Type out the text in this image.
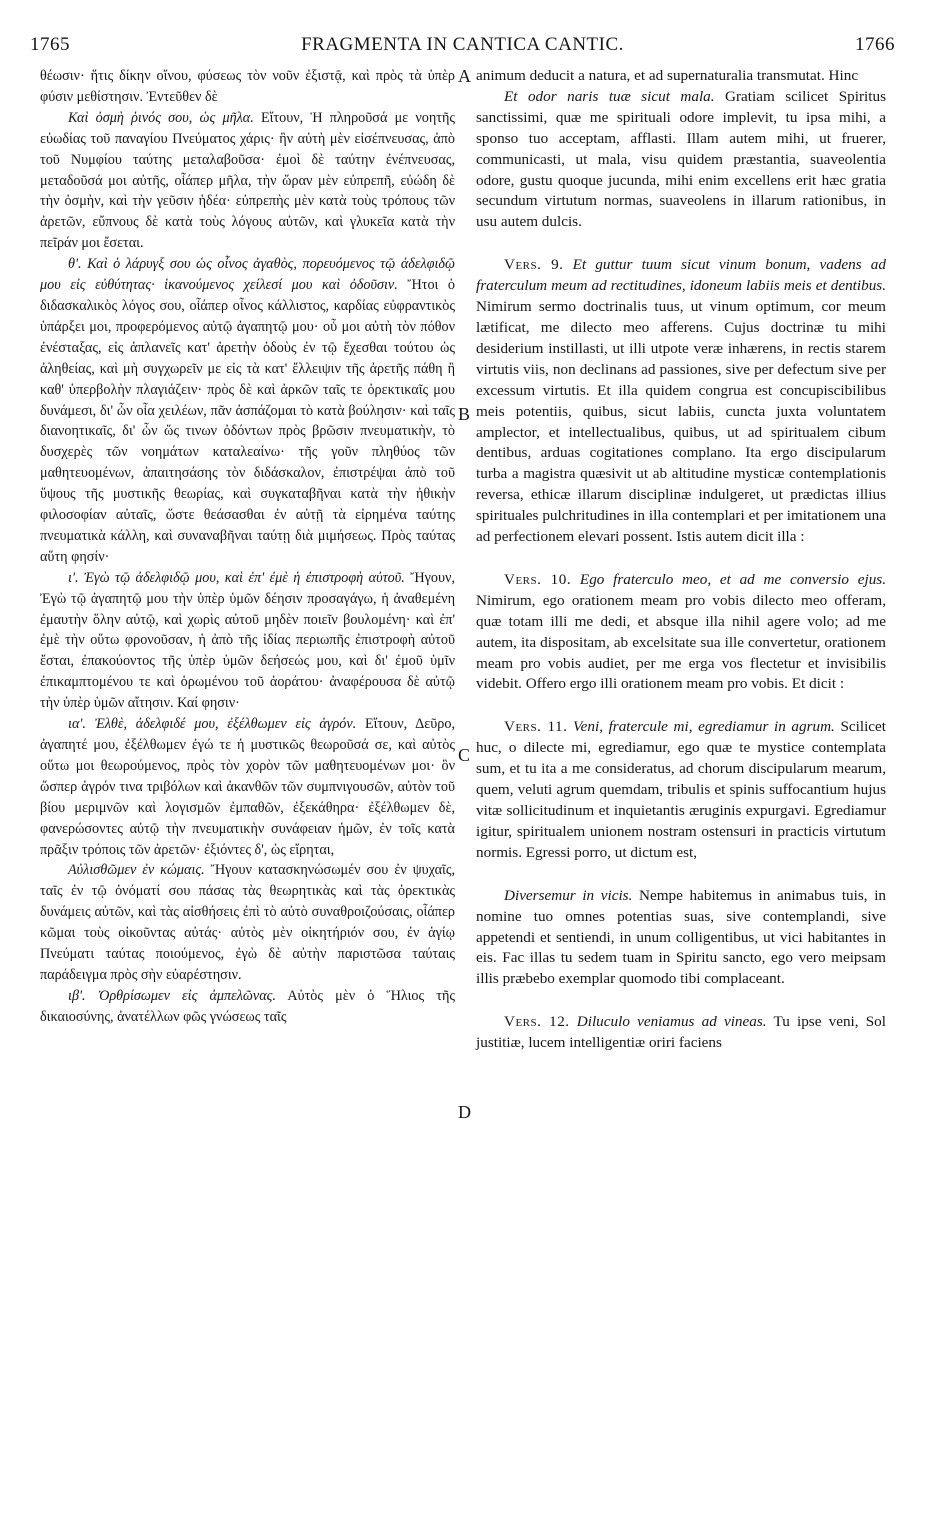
1765	FRAGMENTA IN CANTICA CANTIC.	1766
A
B
C
D

θέωσιν· ἥτις δίκην οἴνου, φύσεως τὸν νοῦν ἐξιστᾷ, καὶ πρὸς τὰ ὑπὲρ φύσιν μεθίστησιν. Ἐντεῦθεν δὲ

Καὶ ὀσμὴ ῥινός σου, ὡς μῆλα. Εἴτουν, Ἡ πληροῦσά με νοητῆς εὐωδίας τοῦ παναγίου Πνεύματος χάρις· ἣν αὐτὴ μὲν εἰσέπνευσας, ἀπὸ τοῦ Νυμφίου ταύτης μεταλαβοῦσα· ἐμοὶ δὲ ταύτην ἐνέπνευσας, μεταδοῦσά μοι αὐτῆς, οἷάπερ μῆλα, τὴν ὥραν μὲν εὐπρεπῆ, εὐώδη δὲ τὴν ὀσμὴν, καὶ τὴν γεῦσιν ἡδέα· εὐπρεπὴς μὲν κατὰ τοὺς τρόπους τῶν ἀρετῶν, εὔπνους δὲ κατὰ τοὺς λόγους αὐτῶν, καὶ γλυκεῖα κατὰ τὴν πεῖράν μοι ἔσεται.

θ'. Καὶ ὁ λάρυγξ σου ὡς οἶνος ἀγαθὸς, πορευόμενος τῷ ἀδελφιδῷ μου εἰς εὐθύτητας· ἱκανούμενος χείλεσί μου καὶ ὀδοῦσιν. Ἤτοι ὁ διδασκαλικὸς λόγος σου, οἷάπερ οἶνος κάλλιστος, καρδίας εὐφραντικὸς ὑπάρξει μοι, προφερόμενος αὐτῷ ἀγαπητῷ μου· οὗ μοι αὐτὴ τὸν πόθον ἐνέσταξας, εἰς ἀπλανεῖς κατ' ἀρετὴν ὁδοὺς ἐν τῷ ἔχεσθαι τούτου ὡς ἀληθείας, καὶ μὴ συγχωρεῖν με εἰς τὰ κατ' ἔλλειψιν τῆς ἀρετῆς πάθη ἢ καθ' ὑπερβολὴν πλαγιάζειν· πρὸς δὲ καὶ ἀρκῶν ταῖς τε ὀρεκτικαῖς μου δυνάμεσι, δι' ὧν οἷα χειλέων, πᾶν ἀσπάζομαι τὸ κατὰ βούλησιν· καὶ ταῖς διανοητικαῖς, δι' ὧν ὥς τινων ὀδόντων πρὸς βρῶσιν πνευματικὴν, τὸ δυσχερὲς τῶν νοημάτων καταλεαίνω· τῆς γοῦν πληθύος τῶν μαθητευομένων, ἀπαιτησάσης τὸν διδάσκαλον, ἐπιστρέψαι ἀπὸ τοῦ ὕψους τῆς μυστικῆς θεωρίας, καὶ συγκαταβῆναι κατὰ τὴν ἠθικὴν φιλοσοφίαν αὐταῖς, ὥστε θεάσασθαι ἐν αὐτῇ τὰ εἰρημένα ταύτης πνευματικὰ κάλλη, καὶ συναναβῆναι ταύτῃ διὰ μιμήσεως. Πρὸς ταύτας αὕτη φησίν·

ι'. Ἐγὼ τῷ ἀδελφιδῷ μου, καὶ ἐπ' ἐμὲ ἡ ἐπιστροφὴ αὐτοῦ. Ἤγουν, Ἐγὼ τῷ ἀγαπητῷ μου τὴν ὑπὲρ ὑμῶν δέησιν προσαγάγω, ἡ ἀναθεμένη ἐμαυτὴν ὅλην αὐτῷ, καὶ χωρὶς αὐτοῦ μηδὲν ποιεῖν βουλομένη· καὶ ἐπ' ἐμὲ τὴν οὕτω φρονοῦσαν, ἡ ἀπὸ τῆς ἰδίας περιωπῆς ἐπιστροφὴ αὐτοῦ ἔσται, ἐπακούοντος τῆς ὑπὲρ ὑμῶν δεήσεώς μου, καὶ δι' ἐμοῦ ὑμῖν ἐπικαμπτομένου τε καὶ ὁρωμένου τοῦ ἀοράτου· ἀναφέρουσα δὲ αὐτῷ τὴν ὑπὲρ ὑμῶν αἴτησιν. Καί φησιν·

ια'. Ἐλθὲ, ἀδελφιδέ μου, ἐξέλθωμεν εἰς ἀγρόν. Εἴτουν, Δεῦρο, ἀγαπητέ μου, ἐξέλθωμεν ἐγώ τε ἡ μυστικῶς θεωροῦσά σε, καὶ αὐτὸς οὕτω μοι θεωρούμενος, πρὸς τὸν χορὸν τῶν μαθητευομένων μοι· ὃν ὥσπερ ἀγρόν τινα τριβόλων καὶ ἀκανθῶν τῶν συμπνιγουσῶν, αὐτὸν τοῦ βίου μεριμνῶν καὶ λογισμῶν ἐμπαθῶν, ἐξεκάθηρα· ἐξέλθωμεν δὲ, φανερώσοντες αὐτῷ τὴν πνευματικὴν συνάφειαν ἡμῶν, ἐν τοῖς κατὰ πρᾶξιν τρόποις τῶν ἀρετῶν· ἐξιόντες δ', ὡς εἴρηται,

Αὐλισθῶμεν ἐν κώμαις. Ἤγουν κατασκηνώσωμέν σου ἐν ψυχαῖς, ταῖς ἐν τῷ ὀνόματί σου πάσας τὰς θεωρητικὰς καὶ τὰς ὀρεκτικὰς δυνάμεις αὐτῶν, καὶ τὰς αἰσθήσεις ἐπὶ τὸ αὐτὸ συναθροιζούσαις, οἷάπερ κῶμαι τοὺς οἰκοῦντας αὐτάς· αὐτὸς μὲν οἰκητήριόν σου, ἐν ἁγίῳ Πνεύματι ταύτας ποιούμενος, ἐγὼ δὲ αὐτὴν παριστῶσα ταύταις παράδειγμα πρὸς σὴν εὐαρέστησιν.

ιβ'. Ὀρθρίσωμεν εἰς ἀμπελῶνας. Αὐτὸς μὲν ὁ Ἥλιος τῆς δικαιοσύνης, ἀνατέλλων φῶς γνώσεως ταῖς

animum deducit a natura, et ad supernaturalia transmutat. Hinc

Et odor naris tuæ sicut mala. Gratiam scilicet Spiritus sanctissimi, quæ me spirituali odore implevit, tu ipsa mihi, a sponso tuo acceptam, afflasti. Illam autem mihi, ut fruerer, communicasti, ut mala, visu quidem præstantia, suaveolentia odore, gustu quoque jucunda, mihi enim excellens erit hæc gratia secundum virtutum normas, suaveolens in illarum rationibus, in usu autem dulcis.

Vers. 9. Et guttur tuum sicut vinum bonum, vadens ad fraterculum meum ad rectitudines, idoneum labiis meis et dentibus. Nimirum sermo doctrinalis tuus, ut vinum optimum, cor meum lætificat, me dilecto meo afferens. Cujus doctrinæ tu mihi desiderium instillasti, ut illi utpote veræ inhærens, in rectis starem virtutis viis, non declinans ad passiones, sive per defectum sive per excessum virtutis. Et illa quidem congrua est concupiscibilibus meis potentiis, quibus, sicut labiis, cuncta juxta voluntatem amplector, et intellectualibus, quibus, ut ad spiritualem cibum dentibus, arduas cogitationes complano. Ita ergo discipularum turba a magistra quæsivit ut ab altitudine mysticæ contemplationis reversa, ethicæ illarum disciplinæ indulgeret, ut prædictas illius spirituales pulchritudines in illa contemplari et per imitationem una ad perfectionem elevari possent. Istis autem dicit illa :

Vers. 10. Ego fraterculo meo, et ad me conversio ejus. Nimirum, ego orationem meam pro vobis dilecto meo offeram, quæ totam illi me dedi, et absque illa nihil agere volo; ad me autem, ita dispositam, ab excelsitate sua ille convertetur, orationem meam pro vobis audiet, per me erga vos flectetur et invisibilis videbit. Offero ergo illi orationem meam pro vobis. Et dicit :

Vers. 11. Veni, fratercule mi, egrediamur in agrum. Scilicet huc, o dilecte mi, egrediamur, ego quæ te mystice contemplata sum, et tu ita a me consideratus, ad chorum discipularum mearum, quem, veluti agrum quemdam, tribulis et spinis suffocantium hujus vitæ sollicitudinum et inquietantis æruginis expurgavi. Egrediamur igitur, spiritualem unionem nostram ostensuri in practicis virtutum normis. Egressi porro, ut dictum est,

Diversemur in vicis. Nempe habitemus in animabus tuis, in nomine tuo omnes potentias suas, sive contemplandi, sive appetendi et sentiendi, in unum colligentibus, ut vici habitantes in eis. Fac illas tu sedem tuam in Spiritu sancto, ego vero meipsam illis præbebo exemplar quomodo tibi complaceant.

Vers. 12. Diluculo veniamus ad vineas. Tu ipse veni, Sol justitiæ, lucem intelligentiæ oriri faciens
